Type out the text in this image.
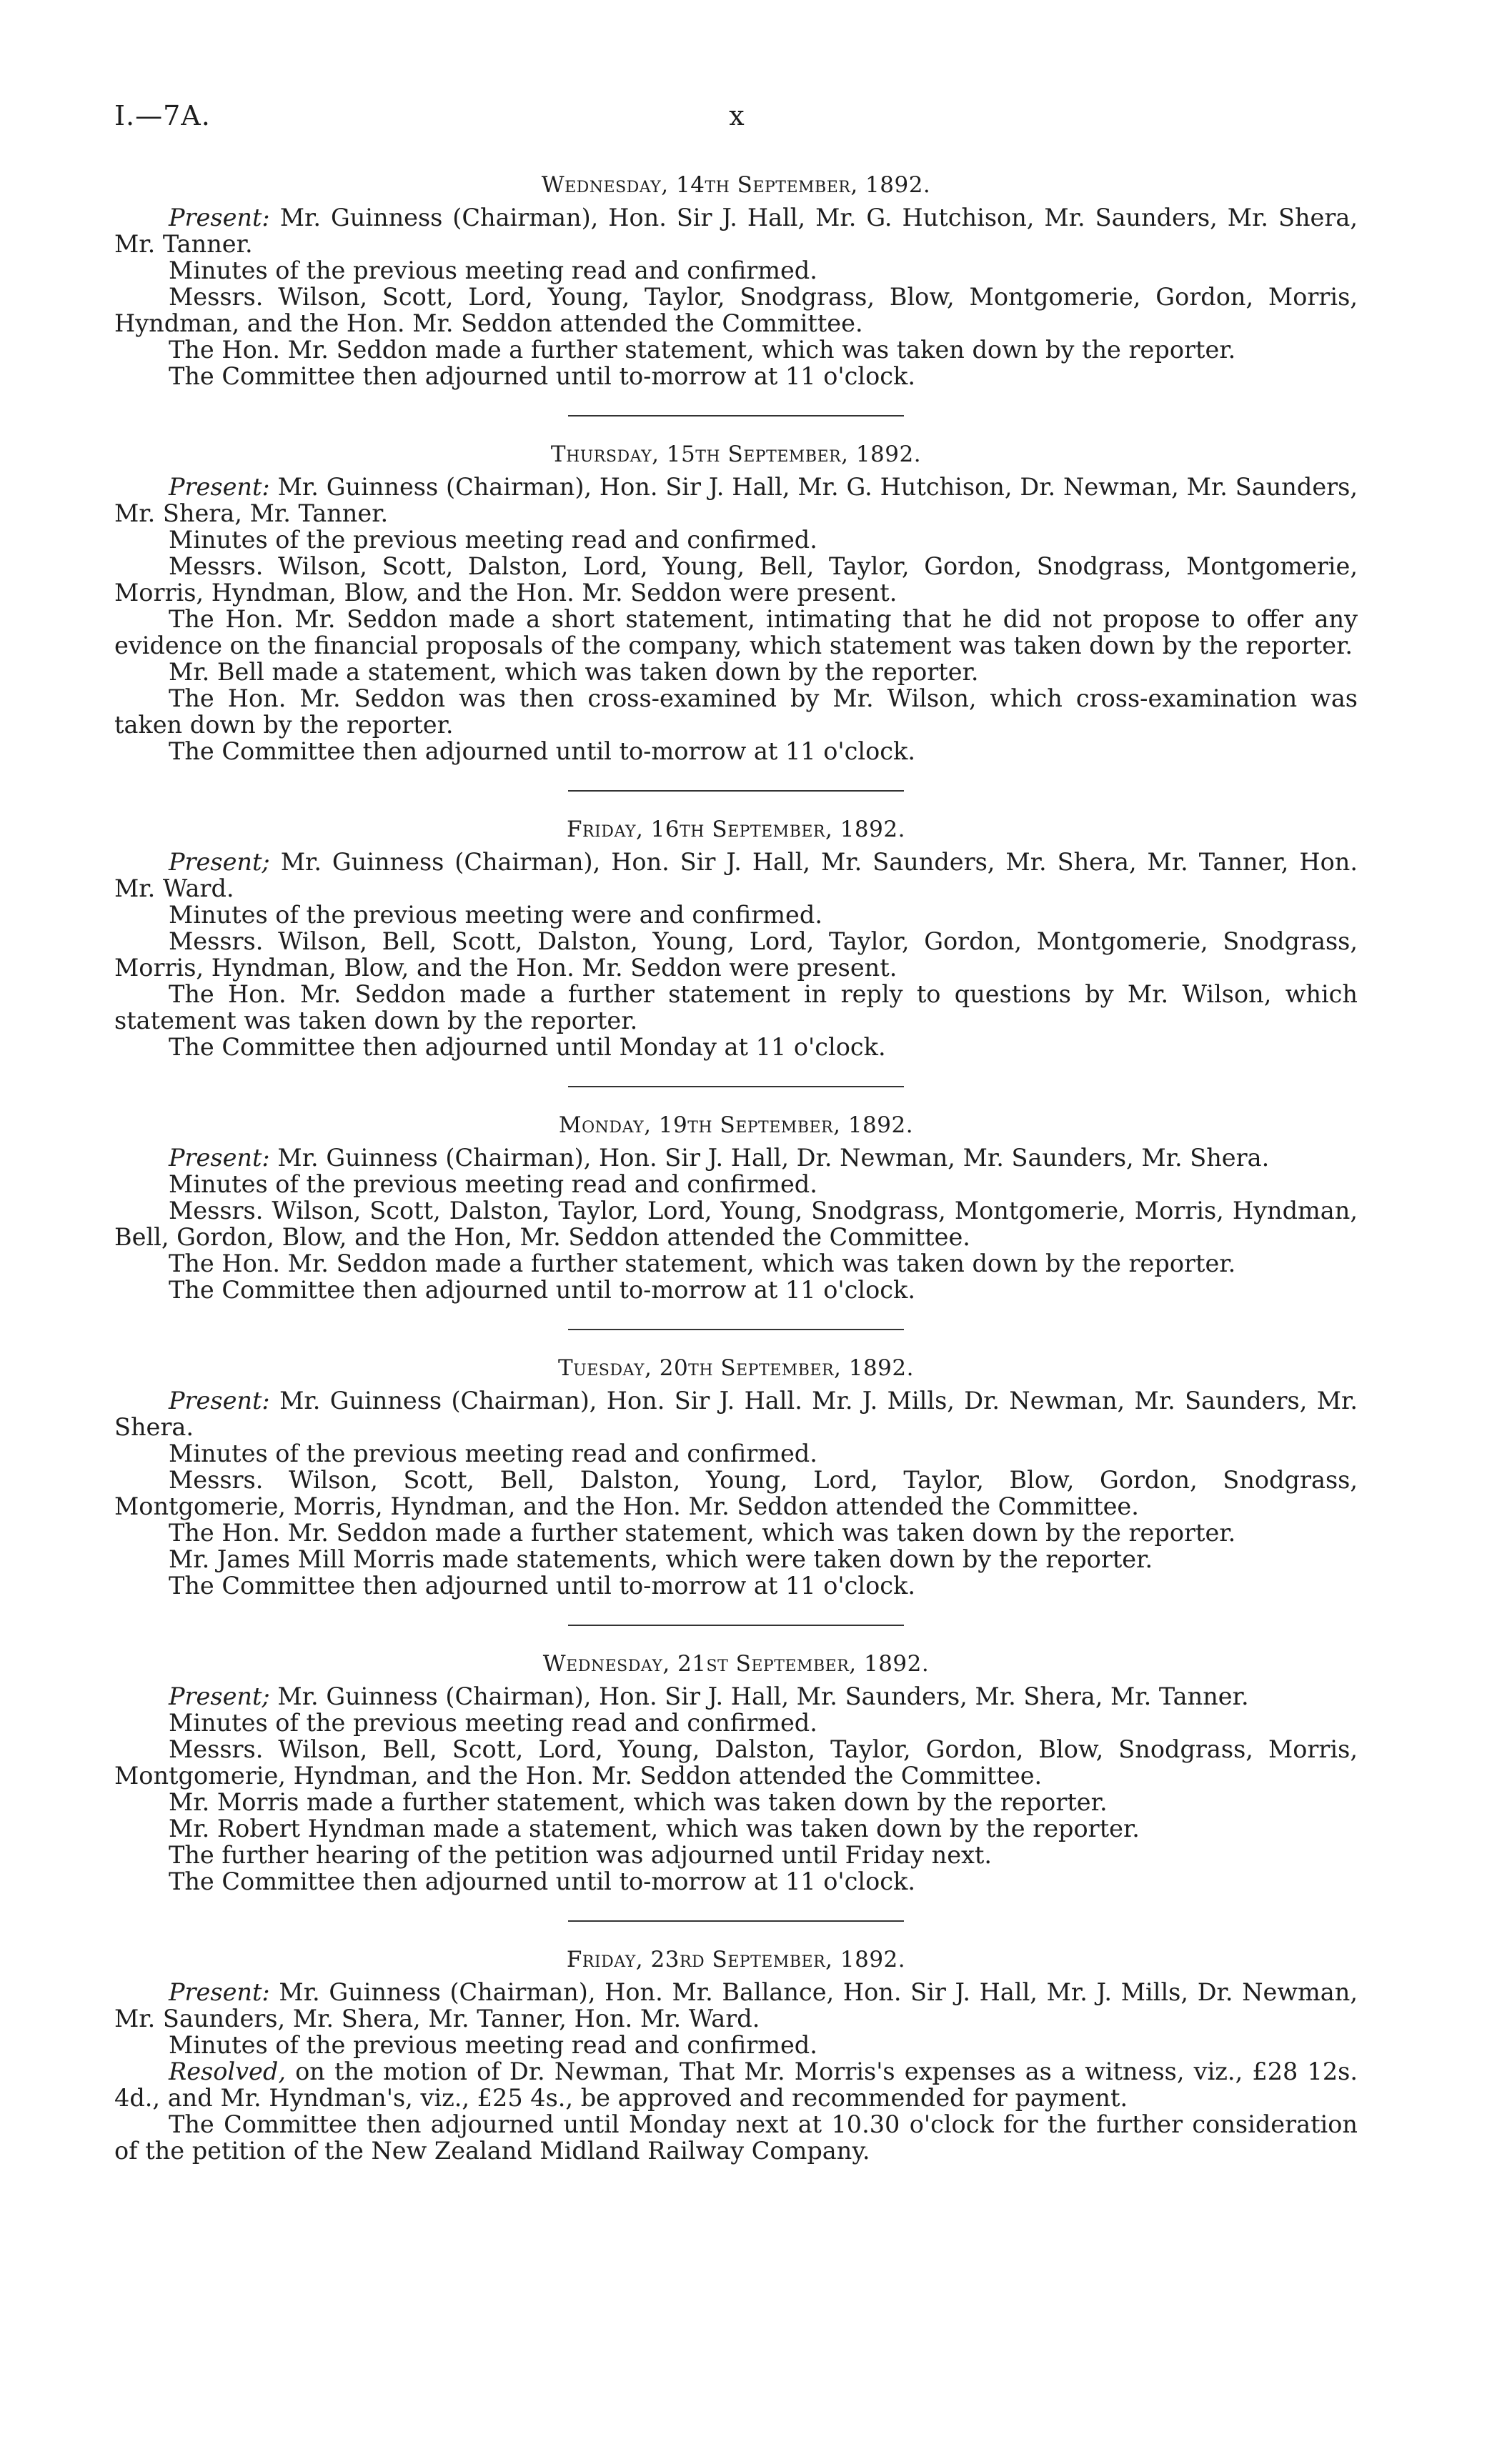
I.—7A.	x
Wednesday, 14th September, 1892.

Present: Mr. Guinness (Chairman), Hon. Sir J. Hall, Mr. G. Hutchison, Mr. Saunders, Mr. Shera, Mr. Tanner.

Minutes of the previous meeting read and confirmed.

Messrs. Wilson, Scott, Lord, Young, Taylor, Snodgrass, Blow, Montgomerie, Gordon, Morris, Hyndman, and the Hon. Mr. Seddon attended the Committee.

The Hon. Mr. Seddon made a further statement, which was taken down by the reporter.

The Committee then adjourned until to-morrow at 11 o'clock.

Thursday, 15th September, 1892.

Present: Mr. Guinness (Chairman), Hon. Sir J. Hall, Mr. G. Hutchison, Dr. Newman, Mr. Saunders, Mr. Shera, Mr. Tanner.

Minutes of the previous meeting read and confirmed.

Messrs. Wilson, Scott, Dalston, Lord, Young, Bell, Taylor, Gordon, Snodgrass, Montgomerie, Morris, Hyndman, Blow, and the Hon. Mr. Seddon were present.

The Hon. Mr. Seddon made a short statement, intimating that he did not propose to offer any evidence on the financial proposals of the company, which statement was taken down by the reporter.

Mr. Bell made a statement, which was taken down by the reporter.

The Hon. Mr. Seddon was then cross-examined by Mr. Wilson, which cross-examination was taken down by the reporter.

The Committee then adjourned until to-morrow at 11 o'clock.

Friday, 16th September, 1892.

Present; Mr. Guinness (Chairman), Hon. Sir J. Hall, Mr. Saunders, Mr. Shera, Mr. Tanner, Hon. Mr. Ward.

Minutes of the previous meeting were and confirmed.

Messrs. Wilson, Bell, Scott, Dalston, Young, Lord, Taylor, Gordon, Montgomerie, Snodgrass, Morris, Hyndman, Blow, and the Hon. Mr. Seddon were present.

The Hon. Mr. Seddon made a further statement in reply to questions by Mr. Wilson, which statement was taken down by the reporter.

The Committee then adjourned until Monday at 11 o'clock.

Monday, 19th September, 1892.

Present: Mr. Guinness (Chairman), Hon. Sir J. Hall, Dr. Newman, Mr. Saunders, Mr. Shera.

Minutes of the previous meeting read and confirmed.

Messrs. Wilson, Scott, Dalston, Taylor, Lord, Young, Snodgrass, Montgomerie, Morris, Hyndman, Bell, Gordon, Blow, and the Hon, Mr. Seddon attended the Committee.

The Hon. Mr. Seddon made a further statement, which was taken down by the reporter.

The Committee then adjourned until to-morrow at 11 o'clock.

Tuesday, 20th September, 1892.

Present: Mr. Guinness (Chairman), Hon. Sir J. Hall. Mr. J. Mills, Dr. Newman, Mr. Saunders, Mr. Shera.

Minutes of the previous meeting read and confirmed.

Messrs. Wilson, Scott, Bell, Dalston, Young, Lord, Taylor, Blow, Gordon, Snodgrass, Montgomerie, Morris, Hyndman, and the Hon. Mr. Seddon attended the Committee.

The Hon. Mr. Seddon made a further statement, which was taken down by the reporter.

Mr. James Mill Morris made statements, which were taken down by the reporter.

The Committee then adjourned until to-morrow at 11 o'clock.

Wednesday, 21st September, 1892.

Present; Mr. Guinness (Chairman), Hon. Sir J. Hall, Mr. Saunders, Mr. Shera, Mr. Tanner.

Minutes of the previous meeting read and confirmed.

Messrs. Wilson, Bell, Scott, Lord, Young, Dalston, Taylor, Gordon, Blow, Snodgrass, Morris, Montgomerie, Hyndman, and the Hon. Mr. Seddon attended the Committee.

Mr. Morris made a further statement, which was taken down by the reporter.

Mr. Robert Hyndman made a statement, which was taken down by the reporter.

The further hearing of the petition was adjourned until Friday next.

The Committee then adjourned until to-morrow at 11 o'clock.

Friday, 23rd September, 1892.

Present: Mr. Guinness (Chairman), Hon. Mr. Ballance, Hon. Sir J. Hall, Mr. J. Mills, Dr. Newman, Mr. Saunders, Mr. Shera, Mr. Tanner, Hon. Mr. Ward.

Minutes of the previous meeting read and confirmed.

Resolved, on the motion of Dr. Newman, That Mr. Morris's expenses as a witness, viz., £28 12s. 4d., and Mr. Hyndman's, viz., £25 4s., be approved and recommended for payment.

The Committee then adjourned until Monday next at 10.30 o'clock for the further consideration of the petition of the New Zealand Midland Railway Company.
